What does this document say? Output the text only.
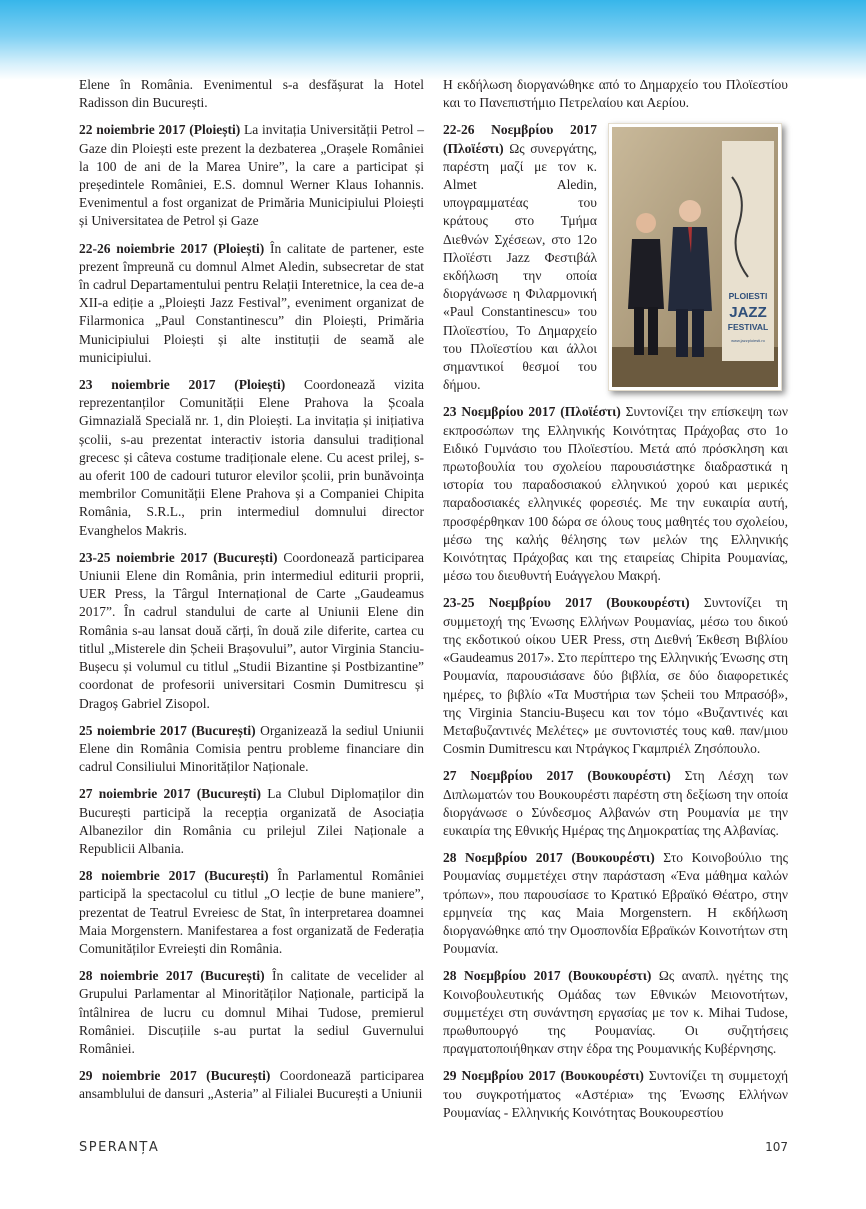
Elene în România. Evenimentul s-a desfășurat la Hotel Radisson din București.

22 noiembrie 2017 (Ploiești) La invitația Universității Petrol – Gaze din Ploiești este prezent la dezbaterea „Orașele României la 100 de ani de la Marea Unire”, la care a participat și președintele României, E.S. domnul Werner Klaus Iohannis. Evenimentul a fost organizat de Primăria Municipiului Ploiești și Universitatea de Petrol și Gaze

22-26 noiembrie 2017 (Ploiești) În calitate de partener, este prezent împreună cu domnul Almet Aledin, subsecretar de stat în cadrul Departamentului pentru Relații Interetnice, la cea de-a XII-a ediție a „Ploiești Jazz Festival”, eveniment organizat de Filarmonica „Paul Constantinescu” din Ploiești, Primăria Municipiului Ploiești și alte instituții de seamă ale municipiului.

23 noiembrie 2017 (Ploiești) Coordonează vizita reprezentanților Comunității Elene Prahova la Școala Gimnazială Specială nr. 1, din Ploiești. La invitația și inițiativa școlii, s-au prezentat interactiv istoria dansului tradițional grecesc și câteva costume tradiționale elene. Cu acest prilej, s-au oferit 100 de cadouri tuturor elevilor școlii, prin bunăvoința membrilor Comunității Elene Prahova și a Companiei Chipita România, S.R.L., prin intermediul domnului director Evanghelos Makris.

23-25 noiembrie 2017 (București) Coordonează participarea Uniunii Elene din România, prin intermediul editurii proprii, UER Press, la Târgul Internațional de Carte „Gaudeamus 2017”. În cadrul standului de carte al Uniunii Elene din România s-au lansat două cărți, în două zile diferite, cartea cu titlul „Misterele din Șcheii Brașovului”, autor Virginia Stanciu-Bușecu și volumul cu titlul „Studii Bizantine și Postbizantine” coordonat de profesorii universitari Cosmin Dumitrescu și Dragoș Gabriel Zisopol.

25 noiembrie 2017 (București) Organizează la sediul Uniunii Elene din România Comisia pentru probleme financiare din cadrul Consiliului Minorităților Naționale.

27 noiembrie 2017 (București) La Clubul Diplomaților din București participă la recepția organizată de Asociația Albanezilor din România cu prilejul Zilei Naționale a Republicii Albania.

28 noiembrie 2017 (București) În Parlamentul României participă la spectacolul cu titlul „O lecție de bune maniere”, prezentat de Teatrul Evreiesc de Stat, în interpretarea doamnei Maia Morgenstern. Manifestarea a fost organizată de Federația Comunităților Evreiești din România.

28 noiembrie 2017 (București) În calitate de vecelider al Grupului Parlamentar al Minorităților Naționale, participă la întâlnirea de lucru cu domnul Mihai Tudose, premierul României. Discuțiile s-au purtat la sediul Guvernului României.

29 noiembrie 2017 (București) Coordonează participarea ansamblului de dansuri „Asteria” al Filialei București a Uniunii

Η εκδήλωση διοργανώθηκε από το Δημαρχείο του Πλοϊεστίου και το Πανεπιστήμιο Πετρελαίου και Αερίου.

PLOIESTI
JAZZ
FESTIVAL
www.jazzploiesti.ro

22-26 Νοεμβρίου 2017 (Πλοϊέστι) Ως συνεργάτης, παρέστη μαζί με τον κ. Almet Aledin, υπογραμματέας του κράτους στο Τμήμα Διεθνών Σχέσεων, στο 12ο Πλοϊέστι Jazz Φεστιβάλ εκδήλωση την οποία διοργάνωσε η Φιλαρμονική «Paul Constantinescu» του Πλοϊεστίου, Το Δημαρχείο του Πλοϊεστίου και άλλοι σημαντικοί θεσμοί του δήμου.

23 Νοεμβρίου 2017 (Πλοϊέστι) Συντονίζει την επίσκεψη των εκπροσώπων της Ελληνικής Κοινότητας Πράχοβας στο 1ο Ειδικό Γυμνάσιο του Πλοϊεστίου. Μετά από πρόσκληση και πρωτοβουλία του σχολείου παρουσιάστηκε διαδραστικά η ιστορία του παραδοσιακού ελληνικού χορού και μερικές παραδοσιακές ελληνικές φορεσιές. Με την ευκαιρία αυτή, προσφέρθηκαν 100 δώρα σε όλους τους μαθητές του σχολείου, μέσω της καλής θέλησης των μελών της Ελληνικής Κοινότητας Πράχοβας και της εταιρείας Chipita Ρουμανίας, μέσω του διευθυντή Ευάγγελου Μακρή.

23-25 Νοεμβρίου 2017 (Βουκουρέστι) Συντονίζει τη συμμετοχή της Ένωσης Ελλήνων Ρουμανίας, μέσω του δικού της εκδοτικού οίκου UER Press, στη Διεθνή Έκθεση Βιβλίου «Gaudeamus 2017». Στο περίπτερο της Ελληνικής Ένωσης στη Ρουμανία, παρουσιάσανε δύο βιβλία, σε δύο διαφορετικές ημέρες, το βιβλίο «Τα Μυστήρια των Șcheii του Μπρασόβ», της Virginia Stanciu-Bușecu και τον τόμο «Βυζαντινές και Μεταβυζαντινές Μελέτες» με συντονιστές τους καθ. παν/μιου Cosmin Dumitrescu και Ντράγκος Γκαμπριέλ Ζησόπουλο.

27 Νοεμβρίου 2017 (Βουκουρέστι) Στη Λέσχη των Διπλωματών του Βουκουρέστι παρέστη στη δεξίωση την οποία διοργάνωσε ο Σύνδεσμος Αλβανών στη Ρουμανία με την ευκαιρία της Εθνικής Ημέρας της Δημοκρατίας της Αλβανίας.

28 Νοεμβρίου 2017 (Βουκουρέστι) Στο Κοινοβούλιο της Ρουμανίας συμμετέχει στην παράσταση «Ένα μάθημα καλών τρόπων», που παρουσίασε το Κρατικό Εβραϊκό Θέατρο, στην ερμηνεία της κας Maia Morgenstern. Η εκδήλωση διοργανώθηκε από την Ομοσπονδία Εβραϊκών Κοινοτήτων στη Ρουμανία.

28 Νοεμβρίου 2017 (Βουκουρέστι) Ως αναπλ. ηγέτης της Κοινοβουλευτικής Ομάδας των Εθνικών Μειονοτήτων, συμμετέχει στη συνάντηση εργασίας με τον κ. Mihai Tudose, πρωθυπουργό της Ρουμανίας. Οι συζητήσεις πραγματοποιήθηκαν στην έδρα της Ρουμανικής Κυβέρνησης.

29 Νοεμβρίου 2017 (Βουκουρέστι) Συντονίζει τη συμμετοχή του συγκροτήματος «Αστέρια» της Ένωσης Ελλήνων Ρουμανίας - Ελληνικής Κοινότητας Βουκουρεστίου

SPERANȚA	107
